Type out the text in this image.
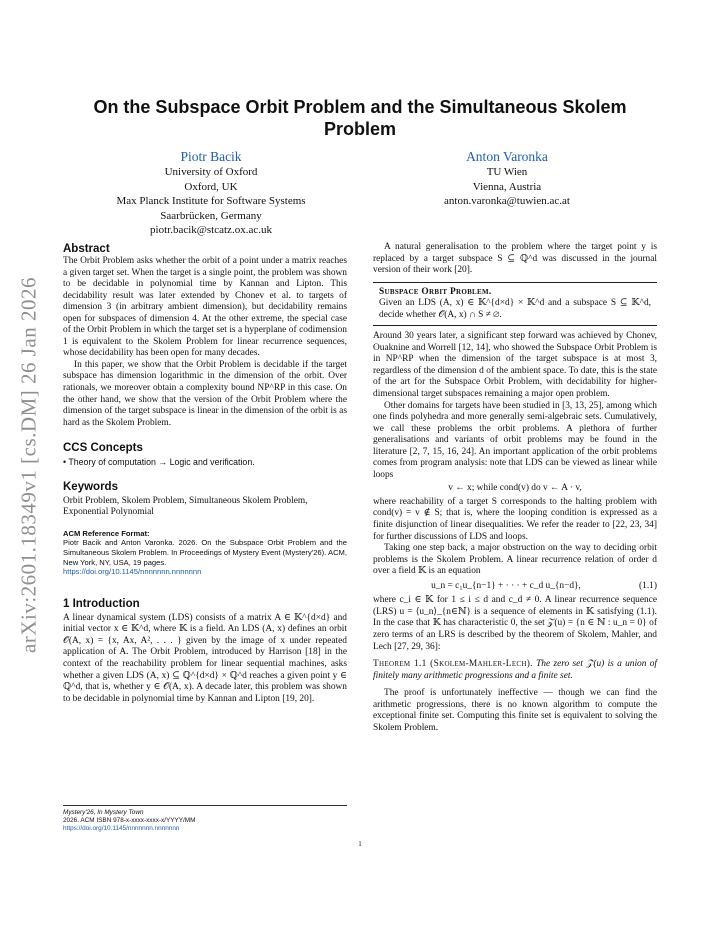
arXiv:2601.18349v1 [cs.DM] 26 Jan 2026
On the Subspace Orbit Problem and the Simultaneous Skolem Problem
Piotr Bacik
University of Oxford
Oxford, UK
Max Planck Institute for Software Systems
Saarbrücken, Germany
piotr.bacik@stcatz.ox.ac.uk
Anton Varonka
TU Wien
Vienna, Austria
anton.varonka@tuwien.ac.at
Abstract

The Orbit Problem asks whether the orbit of a point under a matrix reaches a given target set. When the target is a single point, the problem was shown to be decidable in polynomial time by Kannan and Lipton. This decidability result was later extended by Chonev et al. to targets of dimension 3 (in arbitrary ambient dimension), but decidability remains open for subspaces of dimension 4. At the other extreme, the special case of the Orbit Problem in which the target set is a hyperplane of codimension 1 is equivalent to the Skolem Problem for linear recurrence sequences, whose decidability has been open for many decades.

In this paper, we show that the Orbit Problem is decidable if the target subspace has dimension logarithmic in the dimension of the orbit. Over rationals, we moreover obtain a complexity bound NP^RP in this case. On the other hand, we show that the version of the Orbit Problem where the dimension of the target subspace is linear in the dimension of the orbit is as hard as the Skolem Problem.

CCS Concepts

• Theory of computation → Logic and verification.

Keywords

Orbit Problem, Skolem Problem, Simultaneous Skolem Problem, Exponential Polynomial

ACM Reference Format:
Piotr Bacik and Anton Varonka. 2026. On the Subspace Orbit Problem and the Simultaneous Skolem Problem. In Proceedings of Mystery Event (Mystery'26). ACM, New York, NY, USA, 19 pages.
https://doi.org/10.1145/nnnnnnn.nnnnnnn
1 Introduction

A linear dynamical system (LDS) consists of a matrix A ∈ 𝕂^{d×d} and initial vector x ∈ 𝕂^d, where 𝕂 is a field. An LDS (A, x) defines an orbit 𝒪(A, x) = {x, Ax, A², . . . } given by the image of x under repeated application of A. The Orbit Problem, introduced by Harrison [18] in the context of the reachability problem for linear sequential machines, asks whether a given LDS (A, x) ⊆ ℚ^{d×d} × ℚ^d reaches a given point y ∈ ℚ^d, that is, whether y ∈ 𝒪(A, x). A decade later, this problem was shown to be decidable in polynomial time by Kannan and Lipton [19, 20].

Mystery'26, In Mystery Town
2026. ACM ISBN 978-x-xxxx-xxxx-x/YYYY/MM
https://doi.org/10.1145/nnnnnnn.nnnnnnn

A natural generalisation to the problem where the target point y is replaced by a target subspace S ⊆ ℚ^d was discussed in the journal version of their work [20].

Subspace Orbit Problem.
Given an LDS (A, x) ∈ 𝕂^{d×d} × 𝕂^d and a subspace S ⊆ 𝕂^d, decide whether 𝒪(A, x) ∩ S ≠ ∅.

Around 30 years later, a significant step forward was achieved by Chonev, Ouaknine and Worrell [12, 14], who showed the Subspace Orbit Problem is in NP^RP when the dimension of the target subspace is at most 3, regardless of the dimension d of the ambient space. To date, this is the state of the art for the Subspace Orbit Problem, with decidability for higher-dimensional target subspaces remaining a major open problem.

Other domains for targets have been studied in [3, 13, 25], among which one finds polyhedra and more generally semi-algebraic sets. Cumulatively, we call these problems the orbit problems. A plethora of further generalisations and variants of orbit problems may be found in the literature [2, 7, 15, 16, 24]. An important application of the orbit problems comes from program analysis: note that LDS can be viewed as linear while loops

v ← x; while cond(v) do v ← A · v,

where reachability of a target S corresponds to the halting problem with cond(v) = v ∉ S; that is, where the looping condition is expressed as a finite disjunction of linear disequalities. We refer the reader to [22, 23, 34] for further discussions of LDS and loops.

Taking one step back, a major obstruction on the way to deciding orbit problems is the Skolem Problem. A linear recurrence relation of order d over a field 𝕂 is an equation

u_n = c₁u_{n−1} + · · · + c_d u_{n−d},	(1.1)

where c_i ∈ 𝕂 for 1 ≤ i ≤ d and c_d ≠ 0. A linear recurrence sequence (LRS) u = ⟨u_n⟩_{n∈ℕ} is a sequence of elements in 𝕂 satisfying (1.1). In the case that 𝕂 has characteristic 0, the set 𝒵(u) = {n ∈ ℕ : u_n = 0} of zero terms of an LRS is described by the theorem of Skolem, Mahler, and Lech [27, 29, 36]:

Theorem 1.1 (Skolem-Mahler-Lech). The zero set 𝒵(u) is a union of finitely many arithmetic progressions and a finite set.

The proof is unfortunately ineffective — though we can find the arithmetic progressions, there is no known algorithm to compute the exceptional finite set. Computing this finite set is equivalent to solving the Skolem Problem.

1
